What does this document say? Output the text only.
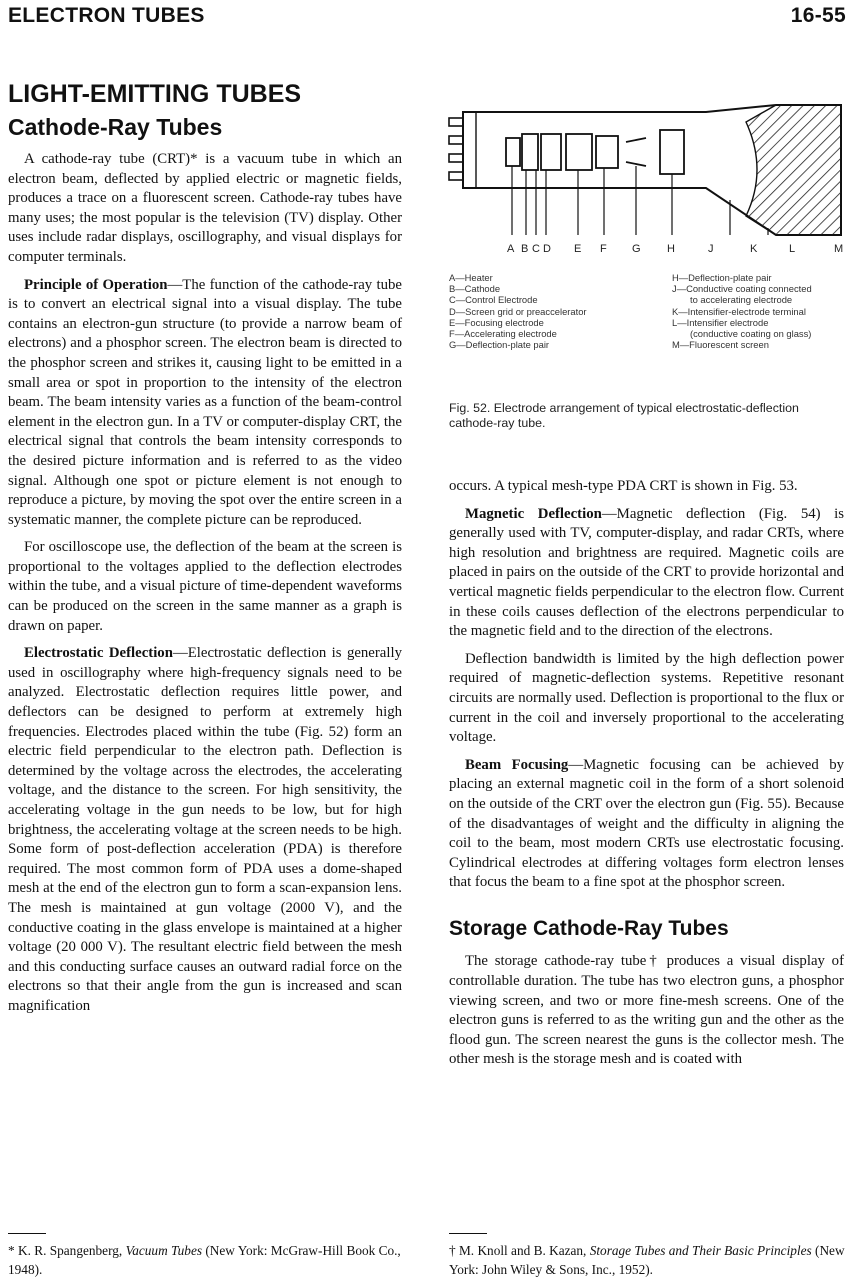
ELECTRON TUBES	16-55
LIGHT-EMITTING TUBES
Cathode-Ray Tubes

A cathode-ray tube (CRT)* is a vacuum tube in which an electron beam, deflected by applied electric or magnetic fields, produces a trace on a fluorescent screen. Cathode-ray tubes have many uses; the most popular is the television (TV) display. Other uses include radar displays, oscillography, and visual displays for computer terminals.

Principle of Operation—The function of the cathode-ray tube is to convert an electrical signal into a visual display. The tube contains an electron-gun structure (to provide a narrow beam of electrons) and a phosphor screen. The electron beam is directed to the phosphor screen and strikes it, causing light to be emitted in a small area or spot in proportion to the intensity of the electron beam. The beam intensity varies as a function of the beam-control element in the electron gun. In a TV or computer-display CRT, the electrical signal that controls the beam intensity corresponds to the desired picture information and is referred to as the video signal. Although one spot or picture element is not enough to reproduce a picture, by moving the spot over the entire screen in a systematic manner, the complete picture can be reproduced.

For oscilloscope use, the deflection of the beam at the screen is proportional to the voltages applied to the deflection electrodes within the tube, and a visual picture of time-dependent waveforms can be produced on the screen in the same manner as a graph is drawn on paper.

Electrostatic Deflection—Electrostatic deflection is generally used in oscillography where high-frequency signals need to be analyzed. Electrostatic deflection requires little power, and deflectors can be designed to perform at extremely high frequencies. Electrodes placed within the tube (Fig. 52) form an electric field perpendicular to the electron path. Deflection is determined by the voltage across the electrodes, the accelerating voltage, and the distance to the screen. For high sensitivity, the accelerating voltage in the gun needs to be low, but for high brightness, the accelerating voltage at the screen needs to be high. Some form of post-deflection acceleration (PDA) is therefore required. The most common form of PDA uses a dome-shaped mesh at the end of the electron gun to form a scan-expansion lens. The mesh is maintained at gun voltage (2000 V), and the conductive coating in the glass envelope is maintained at a higher voltage (20 000 V). The resultant electric field between the mesh and this conducting surface causes an outward radial force on the electrons so that their angle from the gun is increased and scan magnification

A B C D E F G H	J	K	L	M
A—Heater
B—Cathode
C—Control Electrode
D—Screen grid or preaccelerator
E—Focusing electrode
F—Accelerating electrode
G—Deflection-plate pair
H—Deflection-plate pair
J—Conductive coating connected
to accelerating electrode
K—Intensifier-electrode terminal
L—Intensifier electrode
(conductive coating on glass)
M—Fluorescent screen
Fig. 52. Electrode arrangement of typical electrostatic-deflection cathode-ray tube.

occurs. A typical mesh-type PDA CRT is shown in Fig. 53.

Magnetic Deflection—Magnetic deflection (Fig. 54) is generally used with TV, computer-display, and radar CRTs, where high resolution and brightness are required. Magnetic coils are placed in pairs on the outside of the CRT to provide horizontal and vertical magnetic fields perpendicular to the electron flow. Current in these coils causes deflection of the electrons perpendicular to the magnetic field and to the direction of the electrons.

Deflection bandwidth is limited by the high deflection power required of magnetic-deflection systems. Repetitive resonant circuits are normally used. Deflection is proportional to the flux or current in the coil and inversely proportional to the accelerating voltage.

Beam Focusing—Magnetic focusing can be achieved by placing an external magnetic coil in the form of a short solenoid on the outside of the CRT over the electron gun (Fig. 55). Because of the disadvantages of weight and the difficulty in aligning the coil to the beam, most modern CRTs use electrostatic focusing. Cylindrical electrodes at differing voltages form electron lenses that focus the beam to a fine spot at the phosphor screen.

Storage Cathode-Ray Tubes

The storage cathode-ray tube† produces a visual display of controllable duration. The tube has two electron guns, a phosphor viewing screen, and two or more fine-mesh screens. One of the electron guns is referred to as the writing gun and the other as the flood gun. The screen nearest the guns is the collector mesh. The other mesh is the storage mesh and is coated with

* K. R. Spangenberg, Vacuum Tubes (New York: McGraw-Hill Book Co., 1948).
† M. Knoll and B. Kazan, Storage Tubes and Their Basic Principles (New York: John Wiley & Sons, Inc., 1952).
